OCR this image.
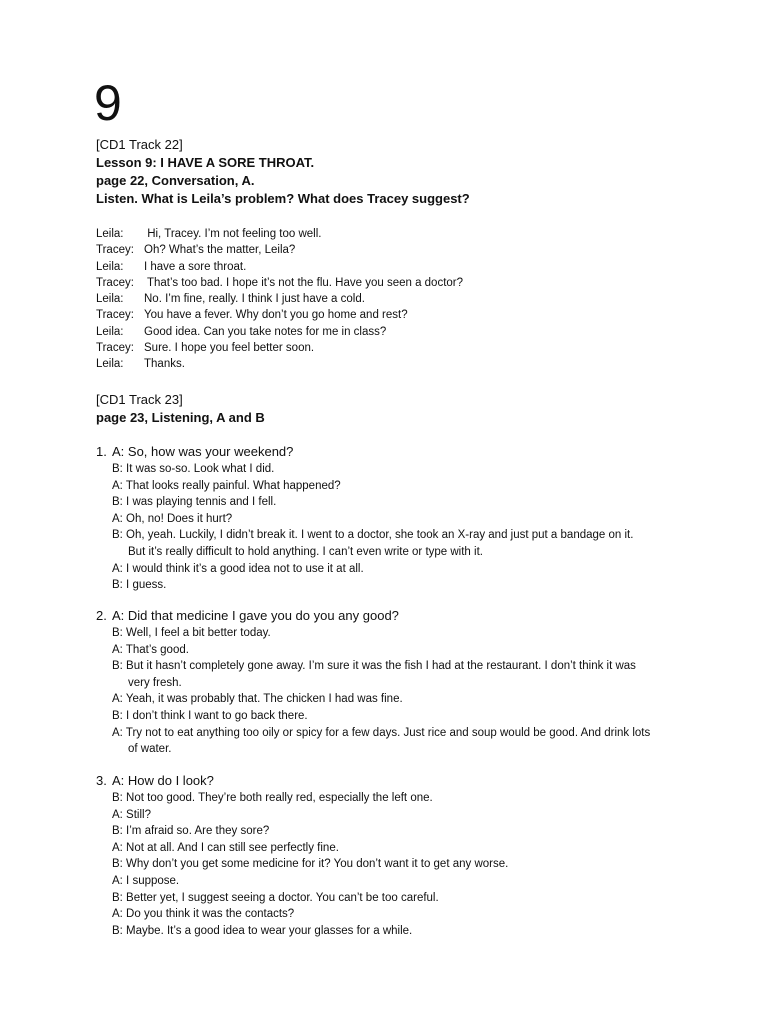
9
[CD1 Track 22]
Lesson 9: I HAVE A SORE THROAT.
page 22, Conversation, A.
Listen. What is Leila’s problem? What does Tracey suggest?
Leila:	Hi, Tracey. I’m not feeling too well.
Tracey: Oh? What’s the matter, Leila?
Leila:	I have a sore throat.
Tracey: That’s too bad. I hope it’s not the flu. Have you seen a doctor?
Leila:	No. I’m fine, really. I think I just have a cold.
Tracey: You have a fever. Why don’t you go home and rest?
Leila:	Good idea. Can you take notes for me in class?
Tracey: Sure. I hope you feel better soon.
Leila:	Thanks.
[CD1 Track 23]
page 23, Listening, A and B
1. A: So, how was your weekend?
B: It was so-so. Look what I did.
A: That looks really painful. What happened?
B: I was playing tennis and I fell.
A: Oh, no! Does it hurt?
B: Oh, yeah. Luckily, I didn’t break it. I went to a doctor, she took an X-ray and just put a bandage on it.
But it’s really difficult to hold anything. I can’t even write or type with it.
A: I would think it’s a good idea not to use it at all.
B: I guess.
2. A: Did that medicine I gave you do you any good?
B: Well, I feel a bit better today.
A: That’s good.
B: But it hasn’t completely gone away. I’m sure it was the fish I had at the restaurant. I don’t think it was
very fresh.
A: Yeah, it was probably that. The chicken I had was fine.
B: I don’t think I want to go back there.
A: Try not to eat anything too oily or spicy for a few days. Just rice and soup would be good. And drink lots
of water.
3. A: How do I look?
B: Not too good. They’re both really red, especially the left one.
A: Still?
B: I’m afraid so. Are they sore?
A: Not at all. And I can still see perfectly fine.
B: Why don’t you get some medicine for it? You don’t want it to get any worse.
A: I suppose.
B: Better yet, I suggest seeing a doctor. You can’t be too careful.
A: Do you think it was the contacts?
B: Maybe. It’s a good idea to wear your glasses for a while.
